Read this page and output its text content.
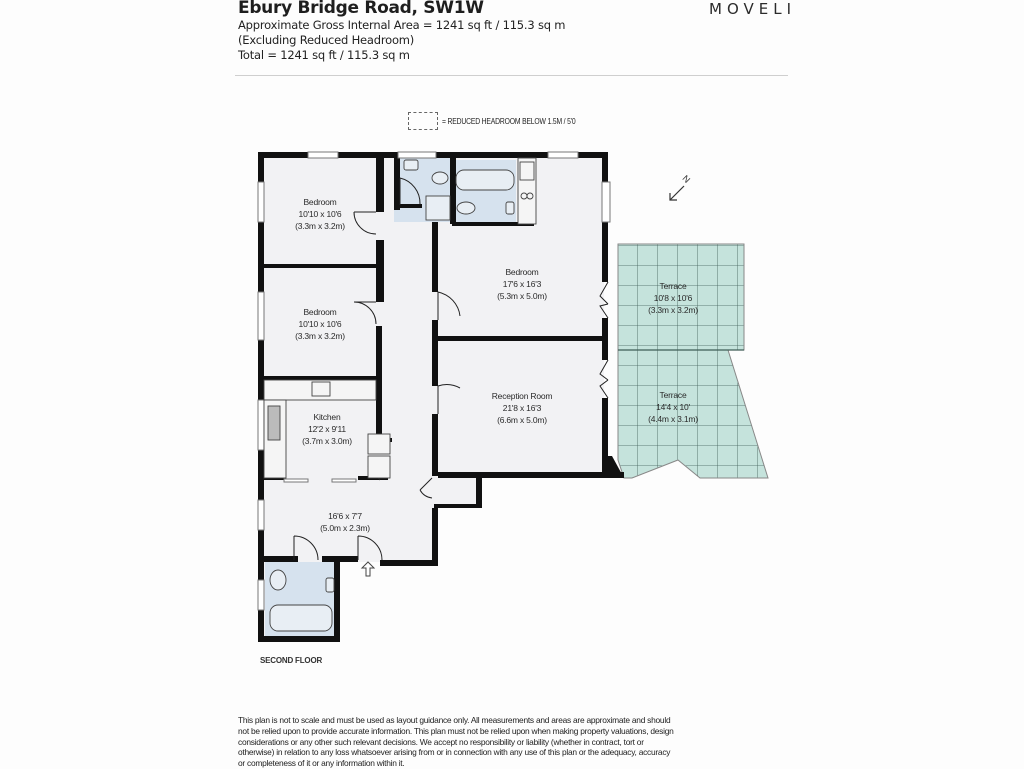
Ebury Bridge Road, SW1W
Approximate Gross Internal Area = 1241 sq ft / 115.3 sq m
(Excluding Reduced Headroom)
Total = 1241 sq ft / 115.3 sq m
MOVELI
= REDUCED HEADROOM BELOW 1.5M / 5'0
N
Bedroom
10'10 x 10'6
(3.3m x 3.2m)
Bedroom
10'10 x 10'6
(3.3m x 3.2m)
Kitchen
12'2 x 9'11
(3.7m x 3.0m)
16'6 x 7'7
(5.0m x 2.3m)
Bedroom
17'6 x 16'3
(5.3m x 5.0m)
Reception Room
21'8 x 16'3
(6.6m x 5.0m)
Terrace
10'8 x 10'6
(3.3m x 3.2m)
Terrace
14'4 x 10'
(4.4m x 3.1m)
SECOND FLOOR
This plan is not to scale and must be used as layout guidance only. All measurements and areas are approximate and should not be relied upon to provide accurate information. This plan must not be relied upon when making property valuations, design considerations or any other such relevant decisions. We accept no responsibility or liability (whether in contract, tort or otherwise) in relation to any loss whatsoever arising from or in connection with any use of this plan or the adequacy, accuracy or completeness of it or any information within it.
